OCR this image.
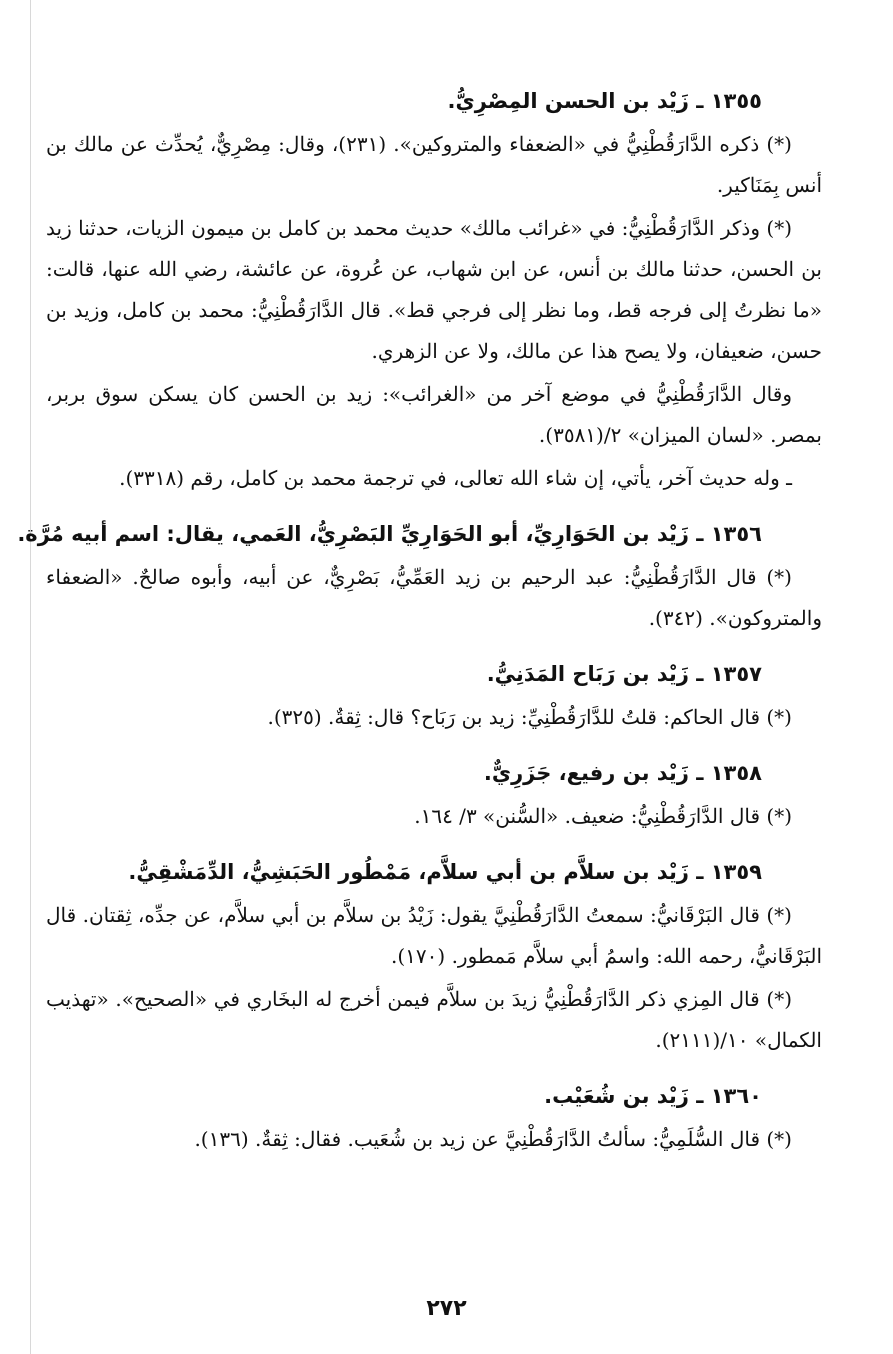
١٣٥٥ ـ زَيْد بن الحسن المِصْرِيُّ.

(*) ذكره الدَّارَقُطْنِيُّ في «الضعفاء والمتروكين». (٢٣١)، وقال: مِصْرِيٌّ، يُحدِّث عن مالك بن أنس بِمَنَاكير.

(*) وذكر الدَّارَقُطْنِيُّ: في «غرائب مالك» حديث محمد بن كامل بن ميمون الزيات، حدثنا زيد بن الحسن، حدثنا مالك بن أنس، عن ابن شهاب، عن عُروة، عن عائشة، رضي الله عنها، قالت: «ما نظرتُ إلى فرجه قط، وما نظر إلى فرجي قط». قال الدَّارَقُطْنِيُّ: محمد بن كامل، وزيد بن حسن، ضعيفان، ولا يصح هذا عن مالك، ولا عن الزهري.

وقال الدَّارَقُطْنِيُّ في موضع آخر من «الغرائب»: زيد بن الحسن كان يسكن سوق بربر، بمصر. «لسان الميزان» ٢/(٣٥٨١).

ـ وله حديث آخر، يأتي، إن شاء الله تعالى، في ترجمة محمد بن كامل، رقم (٣٣١٨).

١٣٥٦ ـ زَيْد بن الحَوَارِيِّ، أبو الحَوَارِيِّ البَصْرِيُّ، العَمي، يقال: اسم أبيه مُرَّة.

(*) قال الدَّارَقُطْنِيُّ: عبد الرحيم بن زيد العَمِّيُّ، بَصْرِيٌّ، عن أبيه، وأبوه صالحٌ. «الضعفاء والمتروكون». (٣٤٢).

١٣٥٧ ـ زَيْد بن رَبَاح المَدَنِيُّ.

(*) قال الحاكم: قلتُ للدَّارَقُطْنِيِّ: زيد بن رَبَاح؟ قال: ثِقةٌ. (٣٢٥).

١٣٥٨ ـ زَيْد بن رفيع، جَزَرِيٌّ.

(*) قال الدَّارَقُطْنِيُّ: ضعيف. «السُّنن» ٣/ ١٦٤.

١٣٥٩ ـ زَيْد بن سلاَّم بن أبي سلاَّم، مَمْطُور الحَبَشِيُّ، الدِّمَشْقِيُّ.

(*) قال البَرْقَانيُّ: سمعتُ الدَّارَقُطْنِيَّ يقول: زَيْدُ بن سلاَّم بن أبي سلاَّم، عن جدِّه، ثِقتان. قال البَرْقَانيُّ، رحمه الله: واسمُ أبي سلاَّم مَمطور. (١٧٠).

(*) قال المِزي ذكر الدَّارَقُطْنِيُّ زيدَ بن سلاَّم فيمن أخرج له البخَاري في «الصحيح». «تهذيب الكمال» ١٠/(٢١١١).

١٣٦٠ ـ زَيْد بن شُعَيْب.

(*) قال السُّلَمِيُّ: سألتُ الدَّارَقُطْنِيَّ عن زيد بن شُعَيب. فقال: ثِقةٌ. (١٣٦).

٢٧٢
